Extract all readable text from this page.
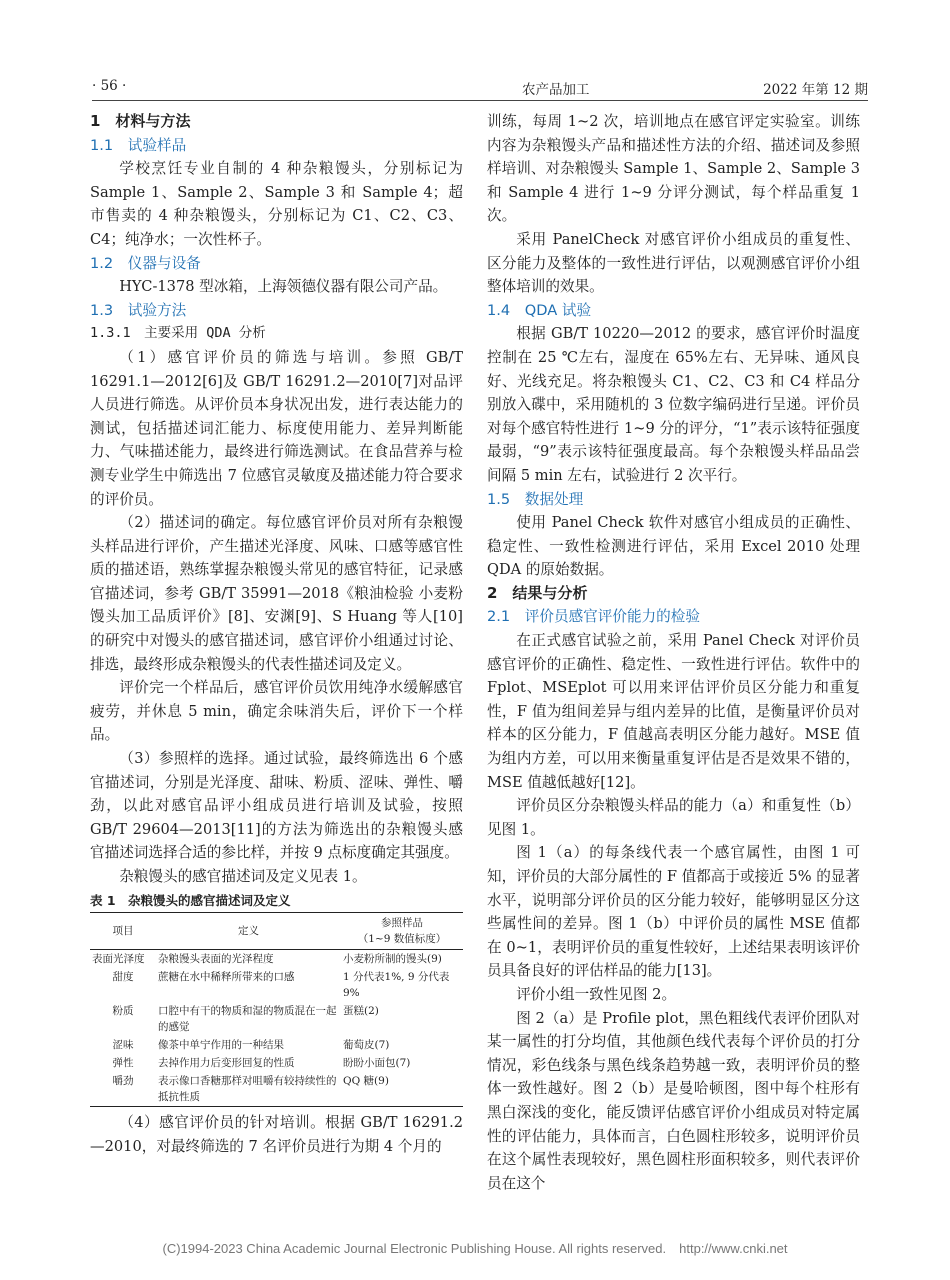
· 56 ·	农产品加工	2022 年第 12 期

1　材料与方法

1.1　试验样品

学校烹饪专业自制的 4 种杂粮馒头，分别标记为 Sample 1、Sample 2、Sample 3 和 Sample 4；超市售卖的 4 种杂粮馒头，分别标记为 C1、C2、C3、C4；纯净水；一次性杯子。

1.2　仪器与设备

HYC-1378 型冰箱，上海领德仪器有限公司产品。

1.3　试验方法

1.3.1　主要采用 QDA 分析

（1）感官评价员的筛选与培训。参照 GB/T 16291.1—2012[6]及 GB/T 16291.2—2010[7]对品评人员进行筛选。从评价员本身状况出发，进行表达能力的测试，包括描述词汇能力、标度使用能力、差异判断能力、气味描述能力，最终进行筛选测试。在食品营养与检测专业学生中筛选出 7 位感官灵敏度及描述能力符合要求的评价员。

（2）描述词的确定。每位感官评价员对所有杂粮馒头样品进行评价，产生描述光泽度、风味、口感等感官性质的描述语，熟练掌握杂粮馒头常见的感官特征，记录感官描述词，参考 GB/T 35991—2018《粮油检验 小麦粉馒头加工品质评价》[8]、安渊[9]、S Huang 等人[10]的研究中对馒头的感官描述词，感官评价小组通过讨论、排选，最终形成杂粮馒头的代表性描述词及定义。

评价完一个样品后，感官评价员饮用纯净水缓解感官疲劳，并休息 5 min，确定余味消失后，评价下一个样品。

（3）参照样的选择。通过试验，最终筛选出 6 个感官描述词，分别是光泽度、甜味、粉质、涩味、弹性、嚼劲，以此对感官品评小组成员进行培训及试验，按照 GB/T 29604—2013[11]的方法为筛选出的杂粮馒头感官描述词选择合适的参比样，并按 9 点标度确定其强度。

杂粮馒头的感官描述词及定义见表 1。

表 1　杂粮馒头的感官描述词及定义

项目	定义	参照样品
（1~9 数值标度）
表面光泽度	杂粮馒头表面的光泽程度	小麦粉所制的馒头(9)
甜度	蔗糖在水中稀释所带来的口感	1 分代表1%, 9 分代表 9%
粉质	口腔中有干的物质和湿的物质混在一起的感觉	蛋糕(2)
涩味	像茶中单宁作用的一种结果	葡萄皮(7)
弹性	去掉作用力后变形回复的性质	盼盼小面包(7)
嚼劲	表示像口香糖那样对咀嚼有较持续性的抵抗性质	QQ 糖(9)

（4）感官评价员的针对培训。根据 GB/T 16291.2—2010，对最终筛选的 7 名评价员进行为期 4 个月的

训练，每周 1~2 次，培训地点在感官评定实验室。训练内容为杂粮馒头产品和描述性方法的介绍、描述词及参照样培训、对杂粮馒头 Sample 1、Sample 2、Sample 3 和 Sample 4 进行 1~9 分评分测试，每个样品重复 1 次。

采用 PanelCheck 对感官评价小组成员的重复性、区分能力及整体的一致性进行评估，以观测感官评价小组整体培训的效果。

1.4　QDA 试验

根据 GB/T 10220—2012 的要求，感官评价时温度控制在 25 ℃左右，湿度在 65%左右、无异味、通风良好、光线充足。将杂粮馒头 C1、C2、C3 和 C4 样品分别放入碟中，采用随机的 3 位数字编码进行呈递。评价员对每个感官特性进行 1~9 分的评分，“1”表示该特征强度最弱，“9”表示该特征强度最高。每个杂粮馒头样品品尝间隔 5 min 左右，试验进行 2 次平行。

1.5　数据处理

使用 Panel Check 软件对感官小组成员的正确性、稳定性、一致性检测进行评估，采用 Excel 2010 处理 QDA 的原始数据。

2　结果与分析

2.1　评价员感官评价能力的检验

在正式感官试验之前，采用 Panel Check 对评价员感官评价的正确性、稳定性、一致性进行评估。软件中的 Fplot、MSEplot 可以用来评估评价员区分能力和重复性，F 值为组间差异与组内差异的比值，是衡量评价员对样本的区分能力，F 值越高表明区分能力越好。MSE 值为组内方差，可以用来衡量重复评估是否是效果不错的，MSE 值越低越好[12]。

评价员区分杂粮馒头样品的能力（a）和重复性（b）见图 1。

图 1（a）的每条线代表一个感官属性，由图 1 可知，评价员的大部分属性的 F 值都高于或接近 5% 的显著水平，说明部分评价员的区分能力较好，能够明显区分这些属性间的差异。图 1（b）中评价员的属性 MSE 值都在 0~1，表明评价员的重复性较好，上述结果表明该评价员具备良好的评估样品的能力[13]。

评价小组一致性见图 2。

图 2（a）是 Profile plot，黑色粗线代表评价团队对某一属性的打分均值，其他颜色线代表每个评价员的打分情况，彩色线条与黑色线条趋势越一致，表明评价员的整体一致性越好。图 2（b）是曼哈顿图，图中每个柱形有黑白深浅的变化，能反馈评估感官评价小组成员对特定属性的评估能力，具体而言，白色圆柱形较多，说明评价员在这个属性表现较好，黑色圆柱形面积较多，则代表评价员在这个

(C)1994-2023 China Academic Journal Electronic Publishing House. All rights reserved.　http://www.cnki.net
